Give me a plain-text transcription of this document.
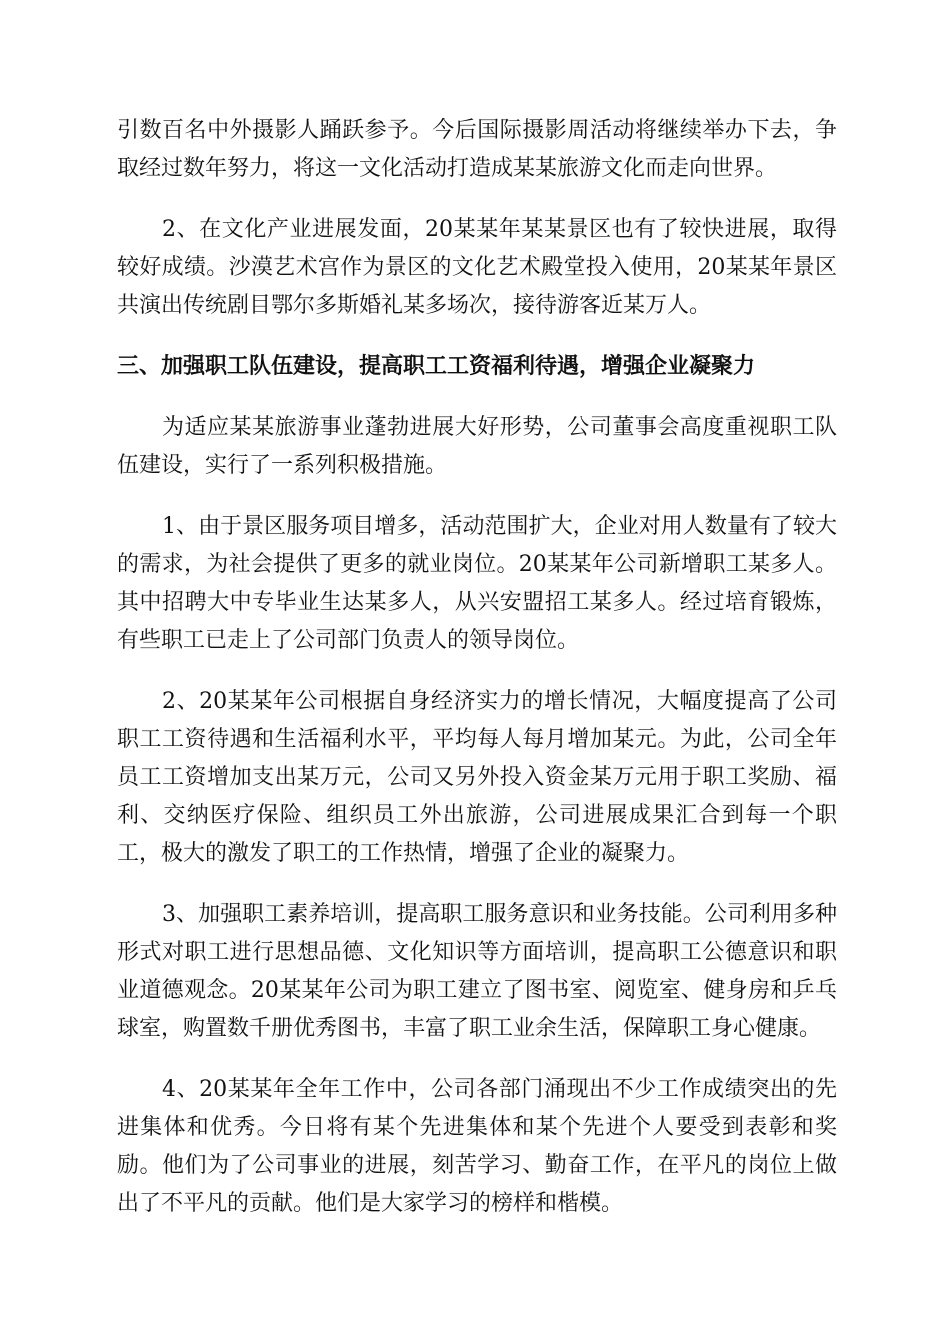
引数百名中外摄影人踊跃参予。今后国际摄影周活动将继续举办下去，争取经过数年努力，将这一文化活动打造成某某旅游文化而走向世界。

2、在文化产业进展发面，20某某年某某景区也有了较快进展，取得较好成绩。沙漠艺术宫作为景区的文化艺术殿堂投入使用，20某某年景区共演出传统剧目鄂尔多斯婚礼某多场次，接待游客近某万人。

三、加强职工队伍建设，提高职工工资福利待遇，增强企业凝聚力

为适应某某旅游事业蓬勃进展大好形势，公司董事会高度重视职工队伍建设，实行了一系列积极措施。

1、由于景区服务项目增多，活动范围扩大，企业对用人数量有了较大的需求，为社会提供了更多的就业岗位。20某某年公司新增职工某多人。其中招聘大中专毕业生达某多人，从兴安盟招工某多人。经过培育锻炼，有些职工已走上了公司部门负责人的领导岗位。

2、20某某年公司根据自身经济实力的增长情况，大幅度提高了公司职工工资待遇和生活福利水平，平均每人每月增加某元。为此，公司全年员工工资增加支出某万元，公司又另外投入资金某万元用于职工奖励、福利、交纳医疗保险、组织员工外出旅游，公司进展成果汇合到每一个职工，极大的激发了职工的工作热情，增强了企业的凝聚力。

3、加强职工素养培训，提高职工服务意识和业务技能。公司利用多种形式对职工进行思想品德、文化知识等方面培训，提高职工公德意识和职业道德观念。20某某年公司为职工建立了图书室、阅览室、健身房和乒乓球室，购置数千册优秀图书，丰富了职工业余生活，保障职工身心健康。

4、20某某年全年工作中，公司各部门涌现出不少工作成绩突出的先进集体和优秀。今日将有某个先进集体和某个先进个人要受到表彰和奖励。他们为了公司事业的进展，刻苦学习、勤奋工作，在平凡的岗位上做出了不平凡的贡献。他们是大家学习的榜样和楷模。
